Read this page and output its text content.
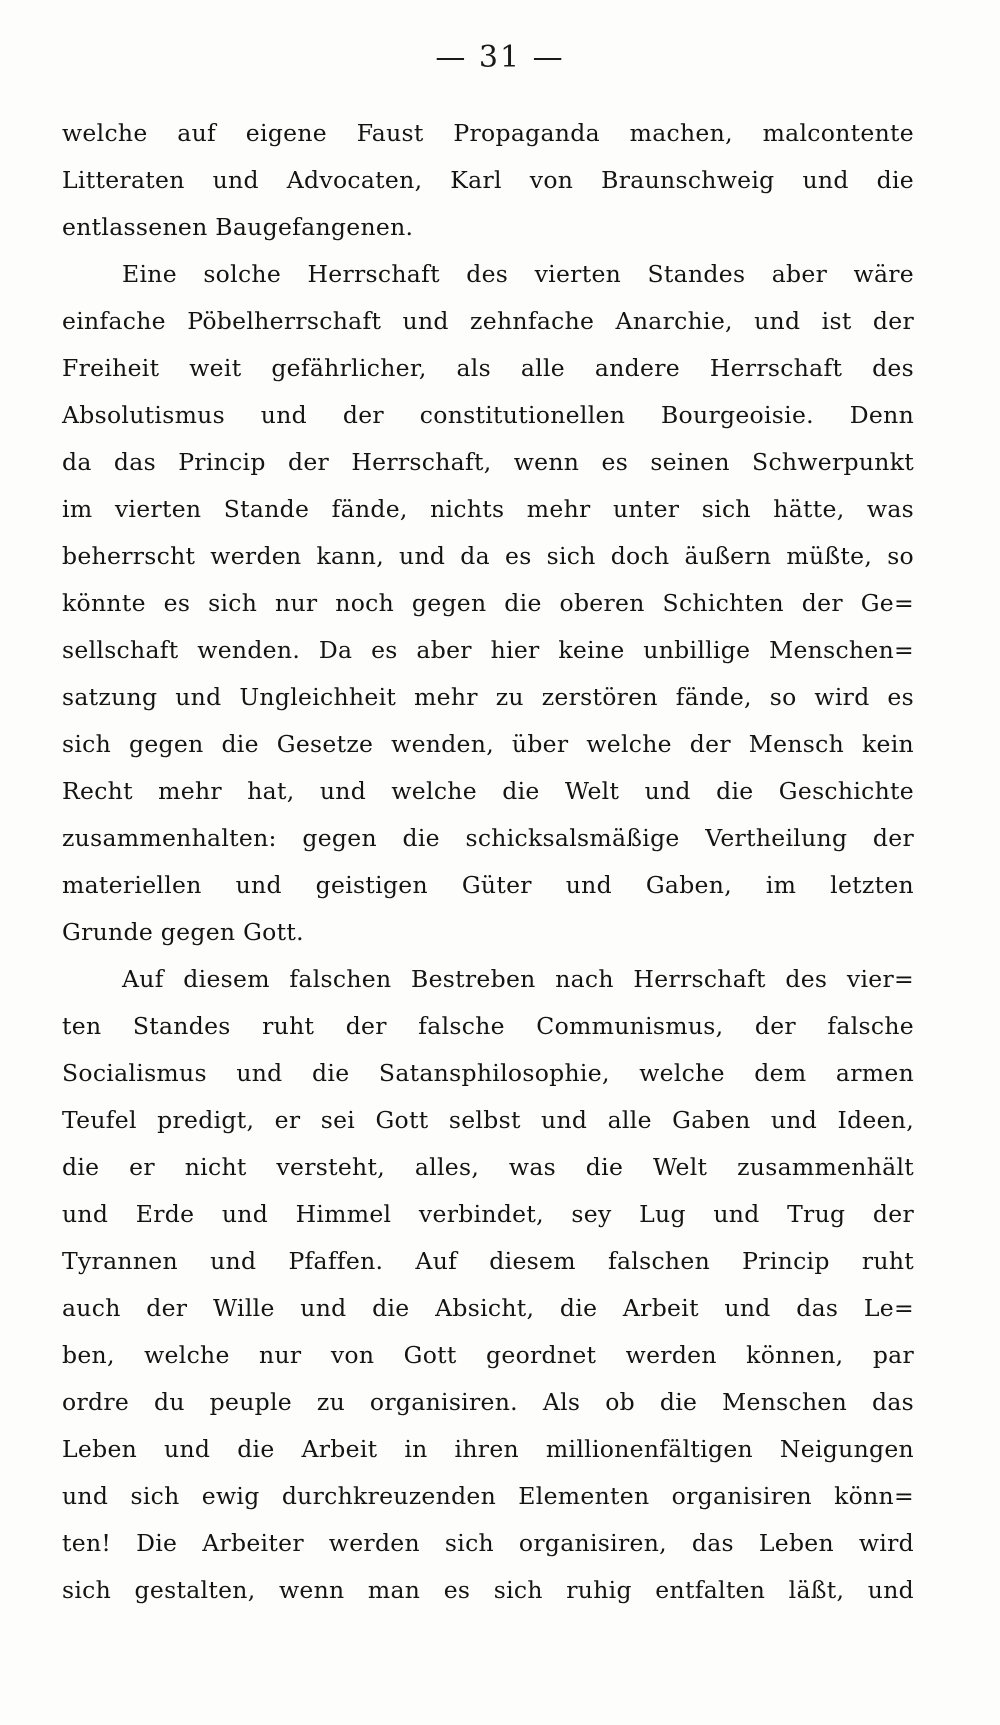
— 31 —
welche auf eigene Faust Propaganda machen, malcontente
Litteraten und Advocaten, Karl von Braunschweig und die
entlassenen Baugefangenen.
Eine solche Herrschaft des vierten Standes aber wäre
einfache Pöbelherrschaft und zehnfache Anarchie, und ist der
Freiheit weit gefährlicher, als alle andere Herrschaft des
Absolutismus und der constitutionellen Bourgeoisie. Denn
da das Princip der Herrschaft, wenn es seinen Schwerpunkt
im vierten Stande fände, nichts mehr unter sich hätte, was
beherrscht werden kann, und da es sich doch äußern müßte, so
könnte es sich nur noch gegen die oberen Schichten der Ge=
sellschaft wenden. Da es aber hier keine unbillige Menschen=
satzung und Ungleichheit mehr zu zerstören fände, so wird es
sich gegen die Gesetze wenden, über welche der Mensch kein
Recht mehr hat, und welche die Welt und die Geschichte
zusammenhalten: gegen die schicksalsmäßige Vertheilung der
materiellen und geistigen Güter und Gaben, im letzten
Grunde gegen Gott.
Auf diesem falschen Bestreben nach Herrschaft des vier=
ten Standes ruht der falsche Communismus, der falsche
Socialismus und die Satansphilosophie, welche dem armen
Teufel predigt, er sei Gott selbst und alle Gaben und Ideen,
die er nicht versteht, alles, was die Welt zusammenhält
und Erde und Himmel verbindet, sey Lug und Trug der
Tyrannen und Pfaffen. Auf diesem falschen Princip ruht
auch der Wille und die Absicht, die Arbeit und das Le=
ben, welche nur von Gott geordnet werden können, par
ordre du peuple zu organisiren. Als ob die Menschen das
Leben und die Arbeit in ihren millionenfältigen Neigungen
und sich ewig durchkreuzenden Elementen organisiren könn=
ten! Die Arbeiter werden sich organisiren, das Leben wird
sich gestalten, wenn man es sich ruhig entfalten läßt, und
